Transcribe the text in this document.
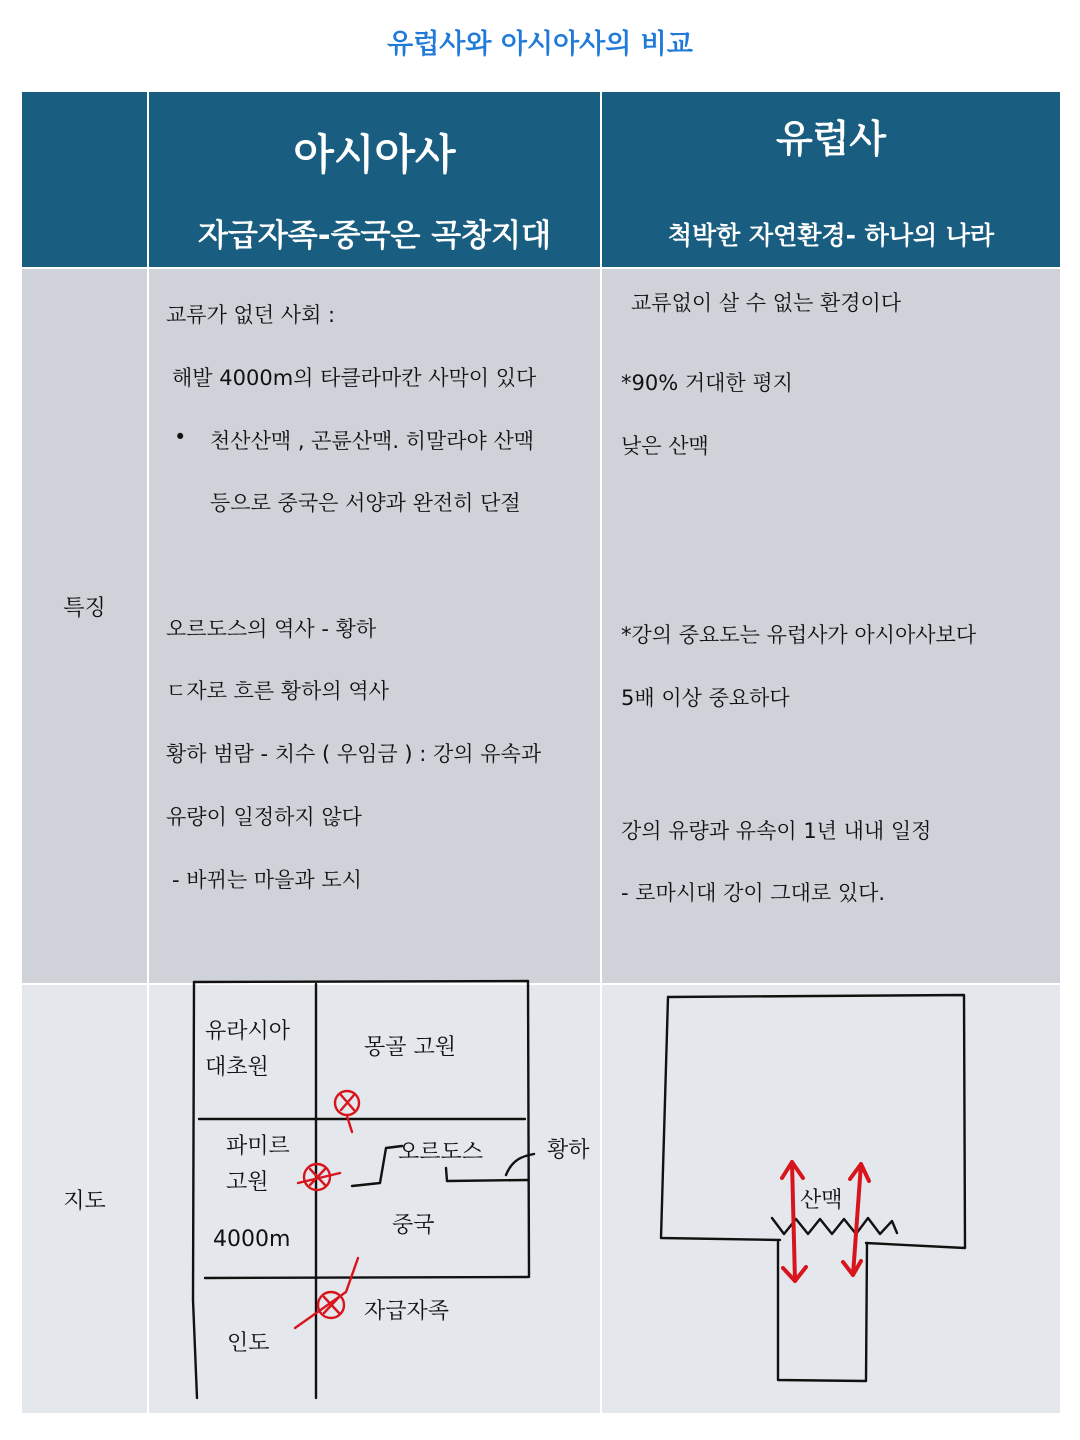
유럽사와 아시아사의 비교
아시아사
자급자족-중국은 곡창지대
유럽사
척박한 자연환경- 하나의 나라
특징
교류가 없던 사회 :
해발 4000m의 타클라마칸 사막이 있다
• 천산산맥 , 곤륜산맥. 히말라야 산맥
등으로 중국은 서양과 완전히 단절
오르도스의 역사 - 황하
ㄷ자로 흐른 황하의 역사
황하 범람 - 치수 ( 우임금 ) : 강의 유속과
유량이 일정하지 않다
- 바뀌는 마을과 도시
교류없이 살 수 없는 환경이다
*90% 거대한 평지
낮은 산맥
*강의 중요도는 유럽사가 아시아사보다
5배 이상 중요하다
강의 유량과 유속이 1년 내내 일정
- 로마시대 강이 그대로 있다.
지도
유라시아
대초원
몽골 고원
파미르
고원
4000m
오르도스	황하
중국
자급자족
인도
산맥
